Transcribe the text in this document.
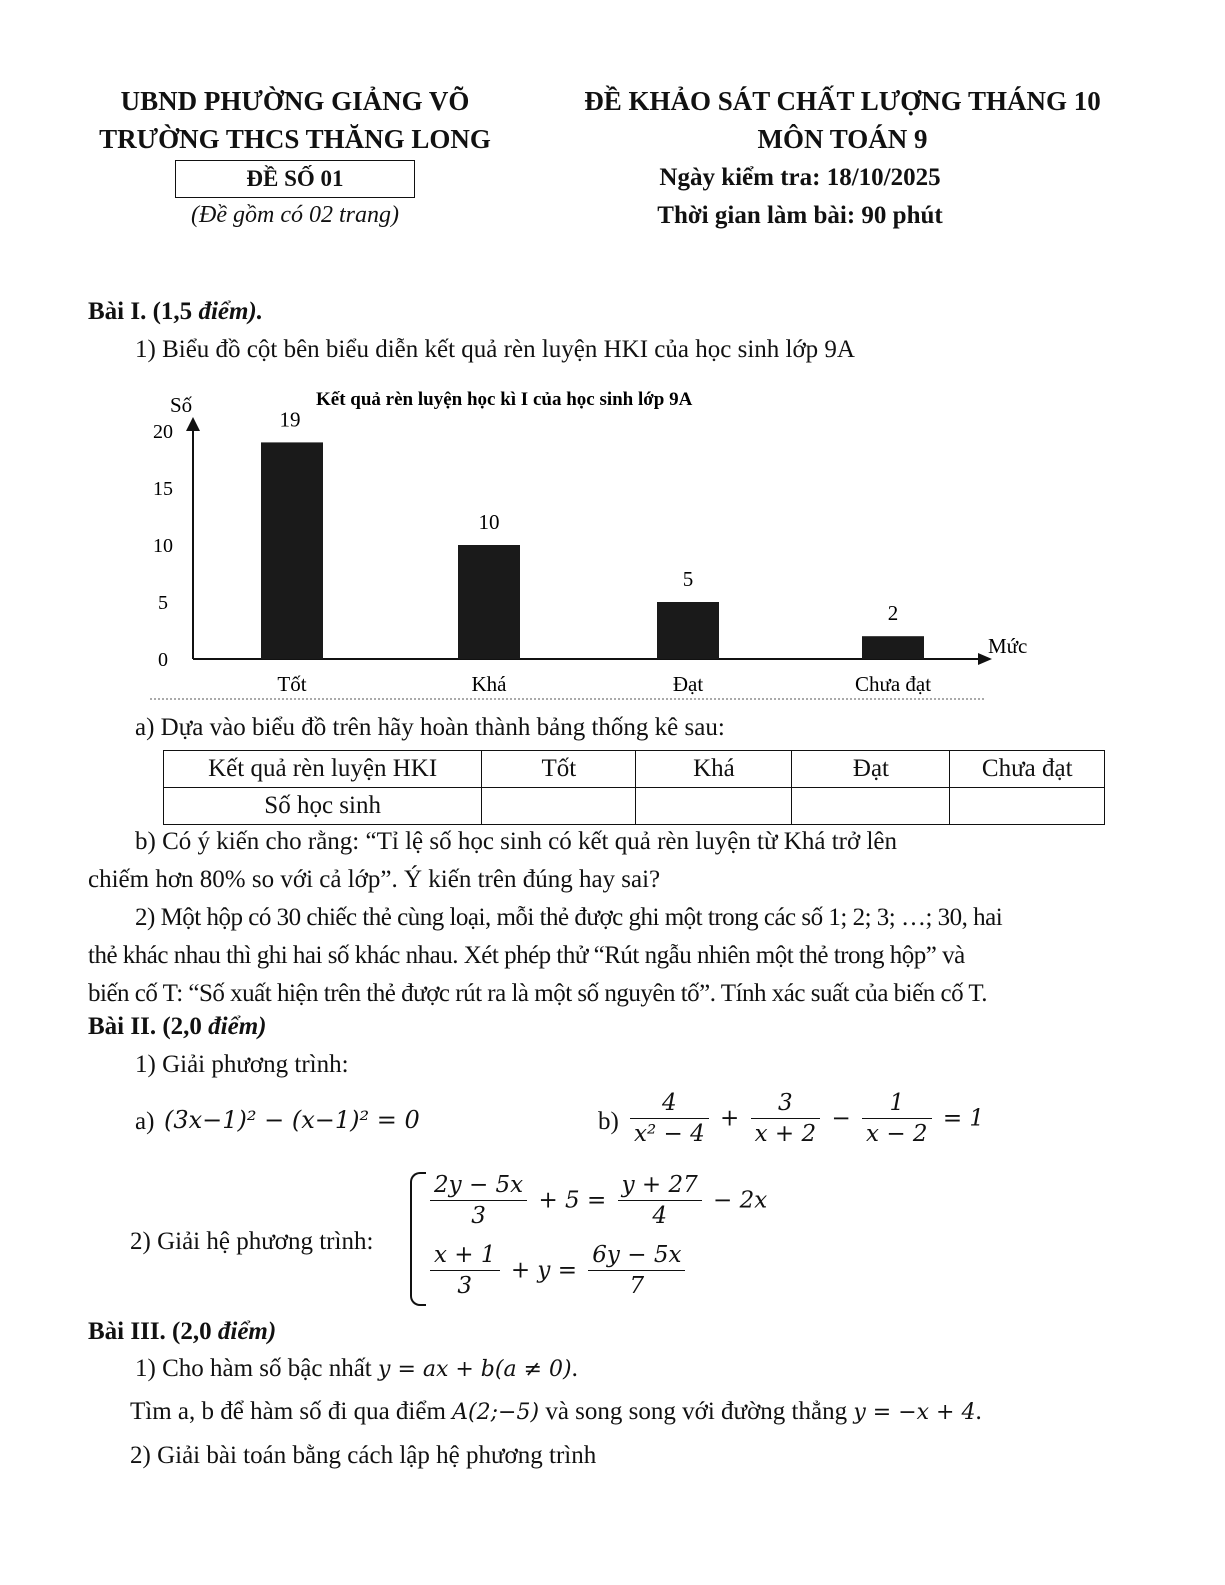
UBND PHƯỜNG GIẢNG VÕ
TRƯỜNG THCS THĂNG LONG
ĐỀ SỐ 01
(Đề gồm có 02 trang)
ĐỀ KHẢO SÁT CHẤT LƯỢNG THÁNG 10
MÔN TOÁN 9
Ngày kiểm tra: 18/10/2025
Thời gian làm bài: 90 phút
Bài I. (1,5 điểm).
1) Biểu đồ cột bên biểu diễn kết quả rèn luyện HKI của học sinh lớp 9A
Kết quả rèn luyện học kì I của học sinh lớp 9A
Số
Mức
0
5
10
15
20
19
Tốt
10
Khá
5
Đạt
2
Chưa đạt
a) Dựa vào biểu đồ trên hãy hoàn thành bảng thống kê sau:
Kết quả rèn luyện HKI	Tốt	Khá	Đạt	Chưa đạt
Số học sinh				
b) Có ý kiến cho rằng: “Tỉ lệ số học sinh có kết quả rèn luyện từ Khá trở lên
chiếm hơn 80% so với cả lớp”. Ý kiến trên đúng hay sai?
2) Một hộp có 30 chiếc thẻ cùng loại, mỗi thẻ được ghi một trong các số 1; 2; 3; …; 30, hai
thẻ khác nhau thì ghi hai số khác nhau. Xét phép thử “Rút ngẫu nhiên một thẻ trong hộp” và
biến cố T: “Số xuất hiện trên thẻ được rút ra là một số nguyên tố”. Tính xác suất của biến cố T.
Bài II. (2,0 điểm)
1) Giải phương trình:
a) (3x−1)² − (x−1)² = 0	$b) \frac{4}{\text{x² − 4}} + \frac{3}{x + 2} - \frac{1}{x - 2} = 1$
2) Giải hệ phương trình:
$\frac{2y - 5x}{3} + 5 = \frac{y + 27}{4} - 2x$
$\frac{x + 1}{3} + y = \frac{6y - 5x}{7}$
Bài III. (2,0 điểm)
1) Cho hàm số bậc nhất y = ax + b(a ≠ 0).
Tìm a, b để hàm số đi qua điểm A(2;−5) và song song với đường thẳng y = −x + 4.
2) Giải bài toán bằng cách lập hệ phương trình
